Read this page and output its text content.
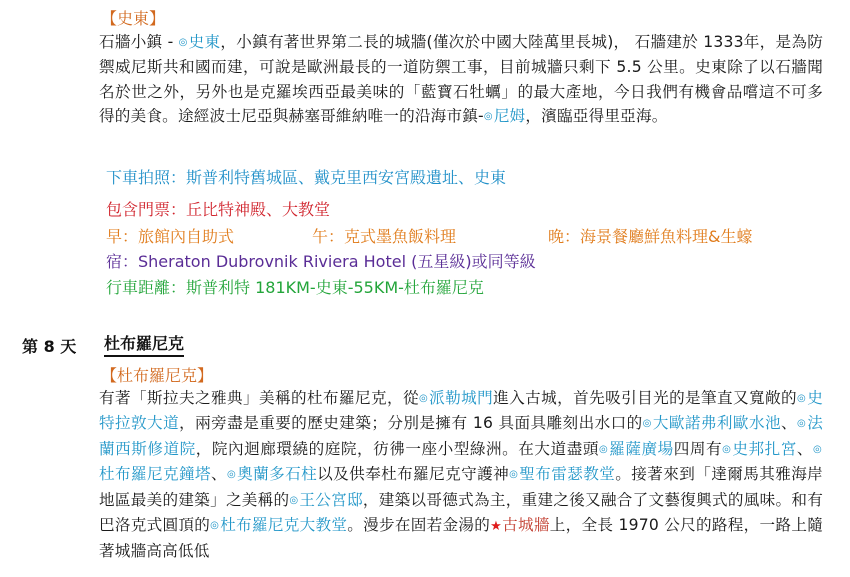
【史東】
石牆小鎮 - ◎史東，小鎮有著世界第二長的城牆(僅次於中國大陸萬里長城)， 石牆建於 1333年，是為防禦威尼斯共和國而建，可說是歐洲最長的一道防禦工事，目前城牆只剩下 5.5 公里。史東除了以石牆聞名於世之外，另外也是克羅埃西亞最美味的「藍寶石牡蠣」的最大產地，今日我們有機會品嚐這不可多得的美食。途經波士尼亞與赫塞哥維納唯一的沿海市鎮-◎尼姆，濱臨亞得里亞海。
下車拍照：斯普利特舊城區、戴克里西安宮殿遺址、史東
包含門票：丘比特神殿、大教堂
早：旅館內自助式	午：克式墨魚飯料理	晚：海景餐廳鮮魚料理&生蠔
宿：Sheraton Dubrovnik Riviera Hotel (五星級)或同等級
行車距離：斯普利特 181KM-史東-55KM-杜布羅尼克
第 8 天 杜布羅尼克
【杜布羅尼克】
有著「斯拉夫之雅典」美稱的杜布羅尼克，從◎派勒城門進入古城，首先吸引目光的是筆直又寬敞的◎史特拉敦大道，兩旁盡是重要的歷史建築；分別是擁有 16 具面具雕刻出水口的◎大歐諾弗利歐水池、◎法蘭西斯修道院，院內迴廊環繞的庭院，彷彿一座小型綠洲。在大道盡頭◎羅薩廣場四周有◎史邦扎宮、◎杜布羅尼克鐘塔、◎奧蘭多石柱以及供奉杜布羅尼克守護神◎聖布雷瑟教堂。接著來到「達爾馬其雅海岸地區最美的建築」之美稱的◎王公宮邸，建築以哥德式為主，重建之後又融合了文藝復興式的風味。和有巴洛克式圓頂的◎杜布羅尼克大教堂。漫步在固若金湯的★古城牆上，全長 1970 公尺的路程，一路上隨著城牆高高低低
